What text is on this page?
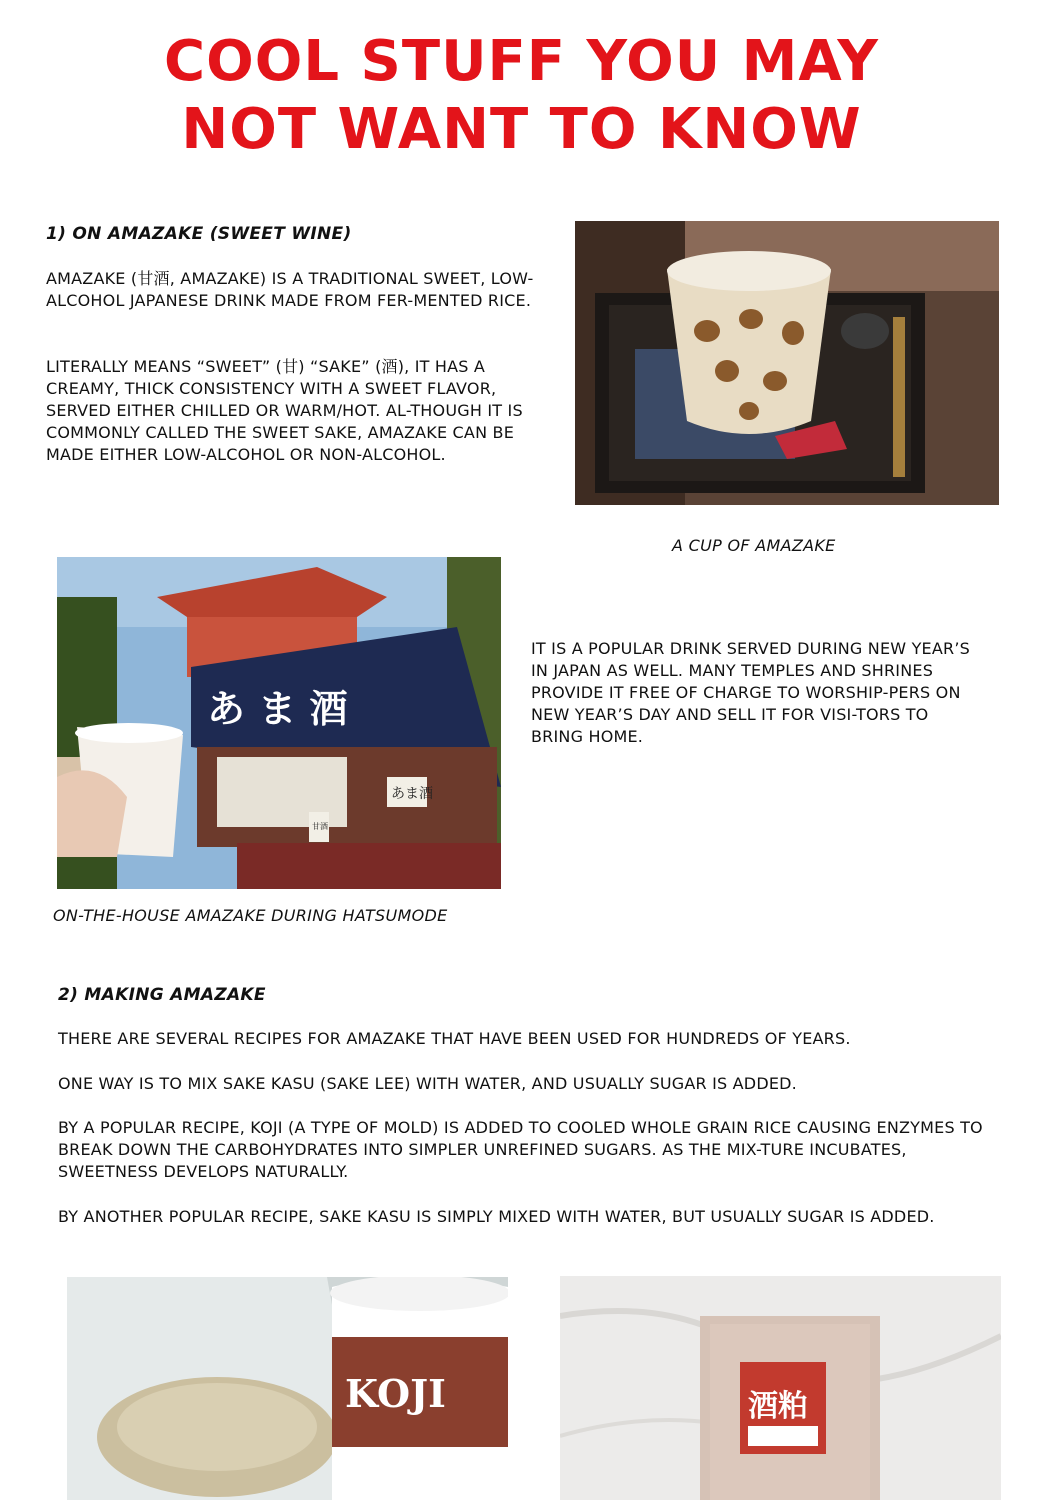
COOL STUFF YOU MAY
NOT WANT TO KNOW
1) ON AMAZAKE (SWEET WINE)

AMAZAKE (甘酒, AMAZAKE) IS A TRADITIONAL SWEET, LOW-ALCOHOL JAPANESE DRINK MADE FROM FER-MENTED RICE.

LITERALLY MEANS “SWEET” (甘) “SAKE” (酒), IT HAS A CREAMY, THICK CONSISTENCY WITH A SWEET FLAVOR, SERVED EITHER CHILLED OR WARM/HOT. AL-THOUGH IT IS COMMONLY CALLED THE SWEET SAKE, AMAZAKE CAN BE MADE EITHER LOW-ALCOHOL OR NON-ALCOHOL.

A CUP OF AMAZAKE
あ ま 酒
あま酒
甘酒

IT IS A POPULAR DRINK SERVED DURING NEW YEAR’S IN JAPAN AS WELL. MANY TEMPLES AND SHRINES PROVIDE IT FREE OF CHARGE TO WORSHIP-PERS ON NEW YEAR’S DAY AND SELL IT FOR VISI-TORS TO BRING HOME.

ON-THE-HOUSE AMAZAKE DURING HATSUMODE
2) MAKING AMAZAKE

THERE ARE SEVERAL RECIPES FOR AMAZAKE THAT HAVE BEEN USED FOR HUNDREDS OF YEARS.

ONE WAY IS TO MIX SAKE KASU (SAKE LEE) WITH WATER, AND USUALLY SUGAR IS ADDED.

BY A POPULAR RECIPE, KOJI (A TYPE OF MOLD) IS ADDED TO COOLED WHOLE GRAIN RICE CAUSING ENZYMES TO BREAK DOWN THE CARBOHYDRATES INTO SIMPLER UNREFINED SUGARS. AS THE MIX-TURE INCUBATES, SWEETNESS DEVELOPS NATURALLY.

BY ANOTHER POPULAR RECIPE, SAKE KASU IS SIMPLY MIXED WITH WATER, BUT USUALLY SUGAR IS ADDED.

KOJI	酒粕
